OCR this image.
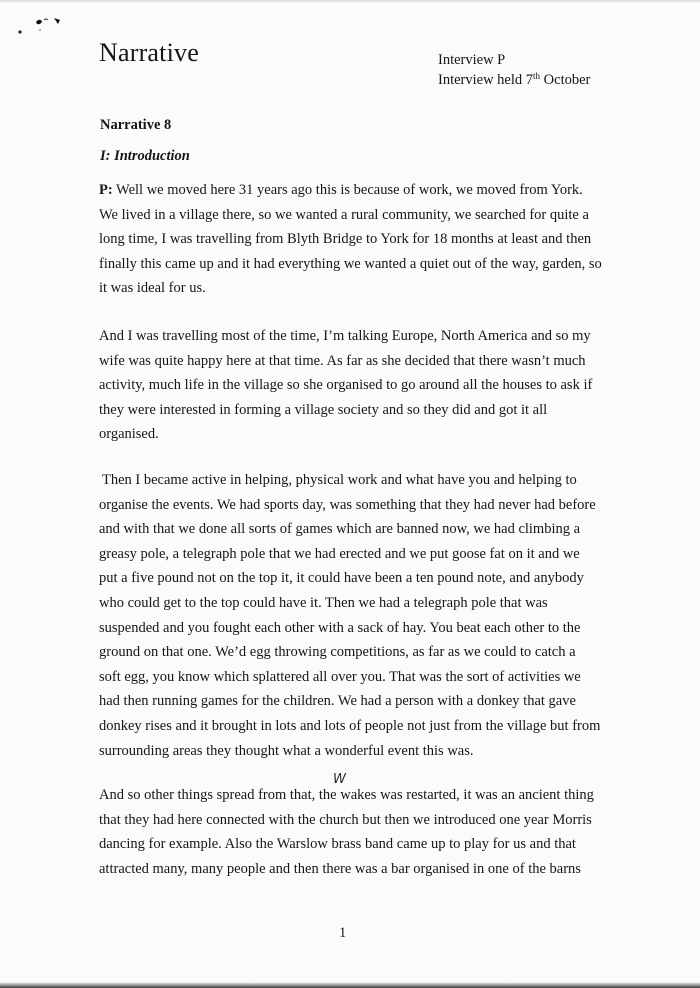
Narrative	Interview P
Interview held 7th October
Narrative 8
I: Introduction

P: Well we moved here 31 years ago this is because of work, we moved from York.
We lived in a village there, so we wanted a rural community, we searched for quite a
long time, I was travelling from Blyth Bridge to York for 18 months at least and then
finally this came up and it had everything we wanted a quiet out of the way, garden, so
it was ideal for us.

And I was travelling most of the time, I’m talking Europe, North America and so my
wife was quite happy here at that time. As far as she decided that there wasn’t much
activity, much life in the village so she organised to go around all the houses to ask if
they were interested in forming a village society and so they did and got it all
organised.

Then I became active in helping, physical work and what have you and helping to
organise the events. We had sports day, was something that they had never had before
and with that we done all sorts of games which are banned now, we had climbing a
greasy pole, a telegraph pole that we had erected and we put goose fat on it and we
put a five pound not on the top it, it could have been a ten pound note, and anybody
who could get to the top could have it. Then we had a telegraph pole that was
suspended and you fought each other with a sack of hay. You beat each other to the
ground on that one. We’d egg throwing competitions, as far as we could to catch a
soft egg, you know which splattered all over you. That was the sort of activities we
had then running games for the children. We had a person with a donkey that gave
donkey rises and it brought in lots and lots of people not just from the village but from
surrounding areas they thought what a wonderful event this was.

W

And so other things spread from that, the wakes was restarted, it was an ancient thing
that they had here connected with the church but then we introduced one year Morris
dancing for example. Also the Warslow brass band came up to play for us and that
attracted many, many people and then there was a bar organised in one of the barns

1
